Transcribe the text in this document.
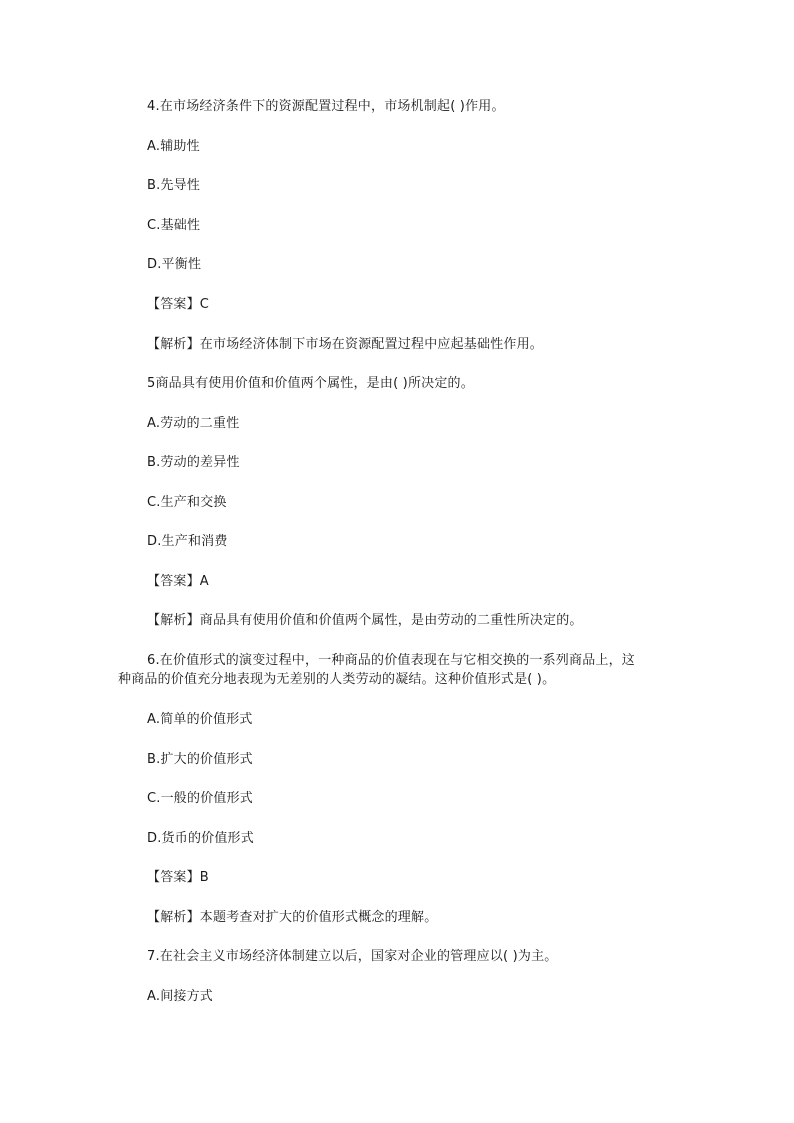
4.在市场经济条件下的资源配置过程中，市场机制起( )作用。
A.辅助性
B.先导性
C.基础性
D.平衡性
【答案】C
【解析】在市场经济体制下市场在资源配置过程中应起基础性作用。
5商品具有使用价值和价值两个属性，是由( )所决定的。
A.劳动的二重性
B.劳动的差异性
C.生产和交换
D.生产和消费
【答案】A
【解析】商品具有使用价值和价值两个属性，是由劳动的二重性所决定的。
6.在价值形式的演变过程中，一种商品的价值表现在与它相交换的一系列商品上，这种商品的价值充分地表现为无差别的人类劳动的凝结。这种价值形式是( )。
A.简单的价值形式
B.扩大的价值形式
C.一般的价值形式
D.货币的价值形式
【答案】B
【解析】本题考查对扩大的价值形式概念的理解。
7.在社会主义市场经济体制建立以后，国家对企业的管理应以( )为主。
A.间接方式
